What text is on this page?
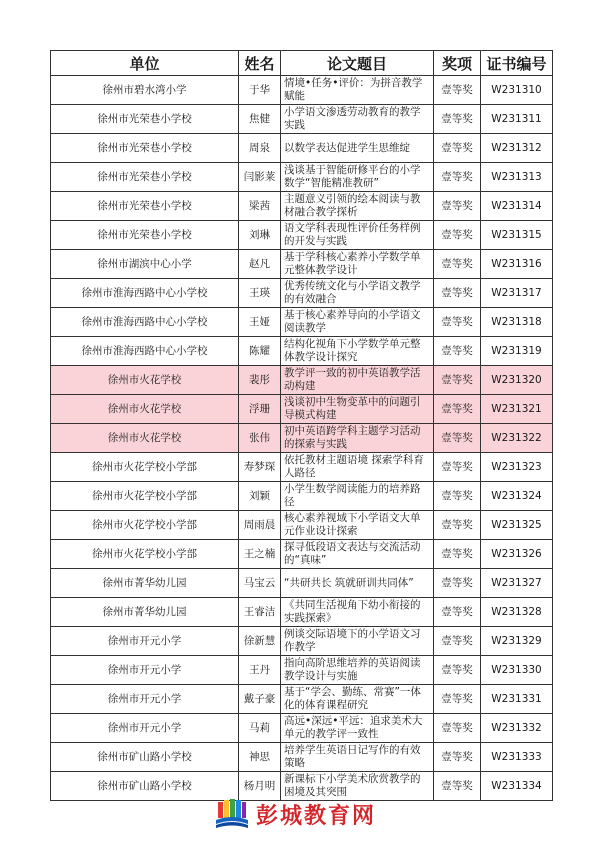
单位	姓名	论文题目	奖项	证书编号
徐州市碧水湾小学	于华	情境•任务•评价：为拼音教学赋能	壹等奖	W231310
徐州市光荣巷小学校	焦健	小学语文渗透劳动教育的教学实践	壹等奖	W231311
徐州市光荣巷小学校	周泉	以数学表达促进学生思维绽	壹等奖	W231312
徐州市光荣巷小学校	闫影莱	浅谈基于智能研修平台的小学数学“智能精准教研”	壹等奖	W231313
徐州市光荣巷小学校	梁茜	主题意义引领的绘本阅读与教材融合教学探析	壹等奖	W231314
徐州市光荣巷小学校	刘琳	语文学科表现性评价任务样例的开发与实践	壹等奖	W231315
徐州市湖滨中心小学	赵凡	基于学科核心素养小学数学单元整体教学设计	壹等奖	W231316
徐州市淮海西路中心小学校	王瑛	优秀传统文化与小学语文教学的有效融合	壹等奖	W231317
徐州市淮海西路中心小学校	王娅	基于核心素养导向的小学语文阅读教学	壹等奖	W231318
徐州市淮海西路中心小学校	陈耀	结构化视角下小学数学单元整体教学设计探究	壹等奖	W231319
徐州市火花学校	裴彤	教学评一致的初中英语教学活动构建	壹等奖	W231320
徐州市火花学校	浮珊	浅谈初中生物变革中的问题引导模式构建	壹等奖	W231321
徐州市火花学校	张伟	初中英语跨学科主题学习活动的探索与实践	壹等奖	W231322
徐州市火花学校小学部	寿梦琛	依托教材主题语境 探索学科育人路径	壹等奖	W231323
徐州市火花学校小学部	刘颖	小学生数学阅读能力的培养路径	壹等奖	W231324
徐州市火花学校小学部	周雨晨	核心素养视域下小学语文大单元作业设计探索	壹等奖	W231325
徐州市火花学校小学部	王之楠	探寻低段语文表达与交流活动的“真味”	壹等奖	W231326
徐州市菁华幼儿园	马宝云	“共研共长 筑就研训共同体”	壹等奖	W231327
徐州市菁华幼儿园	王睿洁	《共同生活视角下幼小衔接的实践探索》	壹等奖	W231328
徐州市开元小学	徐新慧	例谈交际语境下的小学语文习作教学	壹等奖	W231329
徐州市开元小学	王丹	指向高阶思维培养的英语阅读教学设计与实施	壹等奖	W231330
徐州市开元小学	戴子豪	基于“学会、勤练、常赛”一体化的体育课程研究	壹等奖	W231331
徐州市开元小学	马莉	高远•深远•平远：追求美术大单元的教学评一致性	壹等奖	W231332
徐州市矿山路小学校	神思	培养学生英语日记写作的有效策略	壹等奖	W231333
徐州市矿山路小学校	杨月明	新课标下小学美术欣赏教学的困境及其突围	壹等奖	W231334
彭城教育网
